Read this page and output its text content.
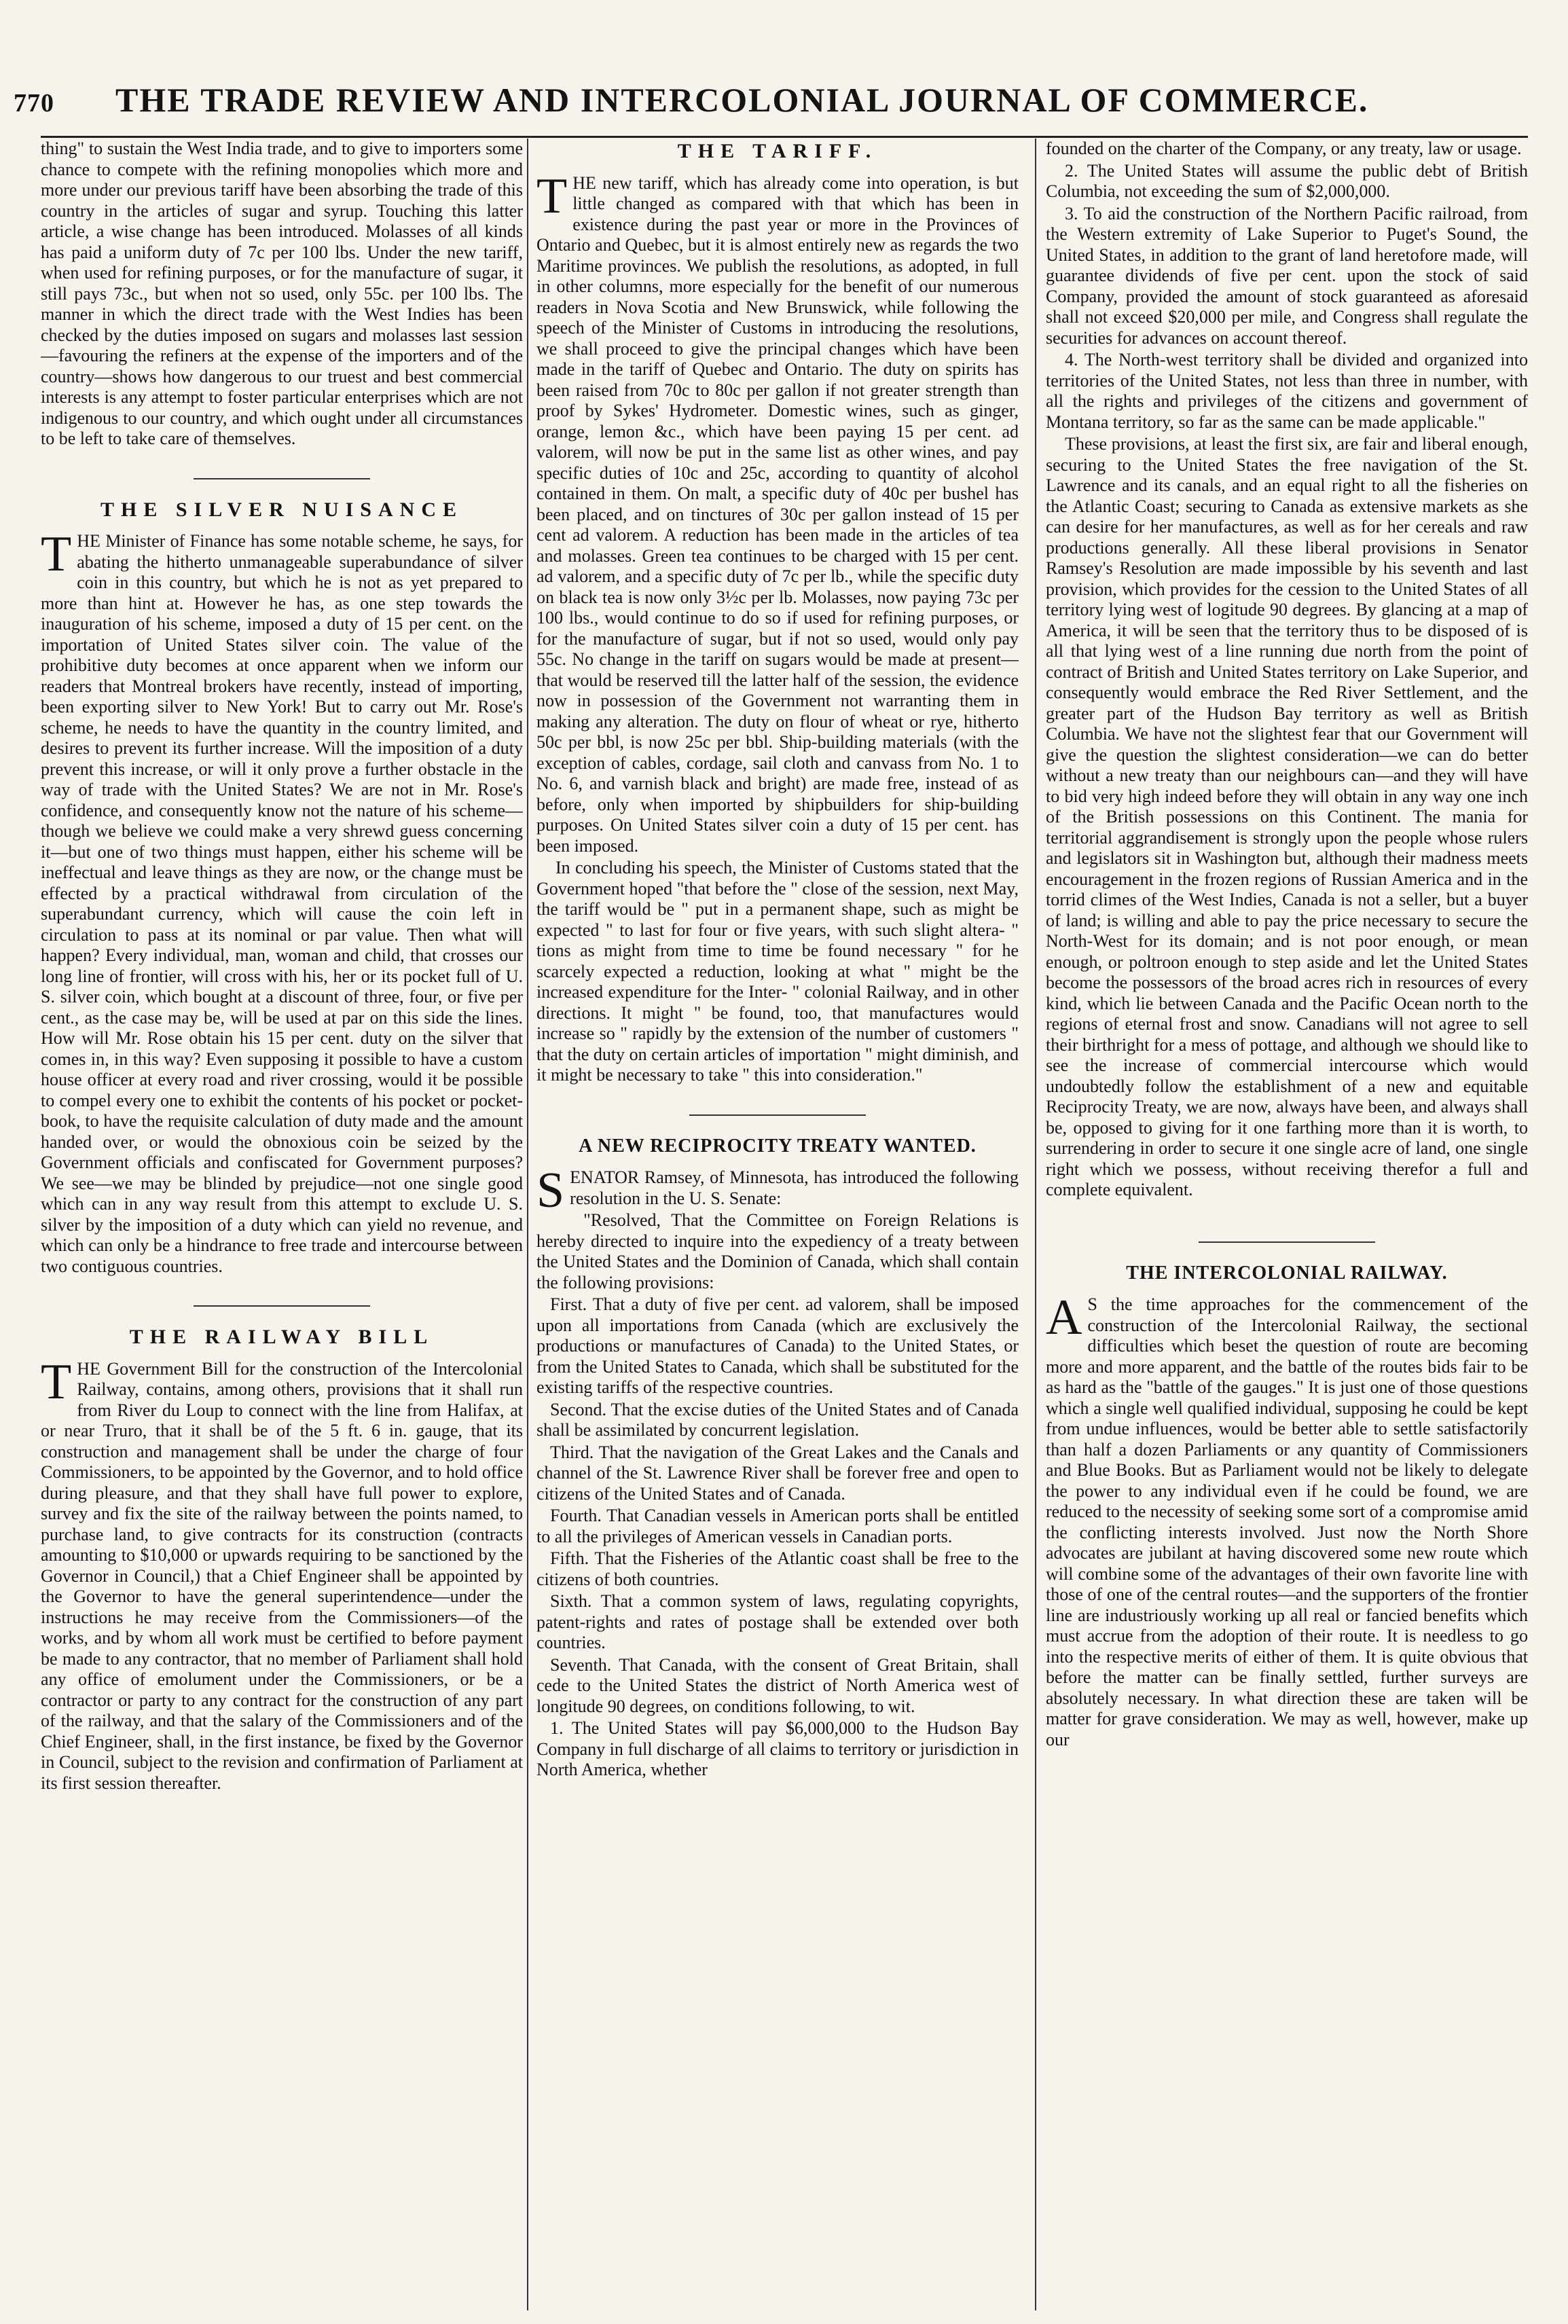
770	THE TRADE REVIEW AND INTERCOLONIAL JOURNAL OF COMMERCE.

thing" to sustain the West India trade, and to give to importers some chance to compete with the refining monopolies which more and more under our previous tariff have been absorbing the trade of this country in the articles of sugar and syrup. Touching this latter article, a wise change has been introduced. Molasses of all kinds has paid a uniform duty of 7c per 100 lbs. Under the new tariff, when used for refining purposes, or for the manufacture of sugar, it still pays 73c., but when not so used, only 55c. per 100 lbs. The manner in which the direct trade with the West Indies has been checked by the duties imposed on sugars and molasses last session—favouring the refiners at the expense of the importers and of the country—shows how dangerous to our truest and best commercial interests is any attempt to foster particular enterprises which are not indigenous to our country, and which ought under all circumstances to be left to take care of themselves.

THE SILVER NUISANCE

THE Minister of Finance has some notable scheme, he says, for abating the hitherto unmanageable superabundance of silver coin in this country, but which he is not as yet prepared to more than hint at. However he has, as one step towards the inauguration of his scheme, imposed a duty of 15 per cent. on the importation of United States silver coin. The value of the prohibitive duty becomes at once apparent when we inform our readers that Montreal brokers have recently, instead of importing, been exporting silver to New York! But to carry out Mr. Rose's scheme, he needs to have the quantity in the country limited, and desires to prevent its further increase. Will the imposition of a duty prevent this increase, or will it only prove a further obstacle in the way of trade with the United States? We are not in Mr. Rose's confidence, and consequently know not the nature of his scheme—though we believe we could make a very shrewd guess concerning it—but one of two things must happen, either his scheme will be ineffectual and leave things as they are now, or the change must be effected by a practical withdrawal from circulation of the superabundant currency, which will cause the coin left in circulation to pass at its nominal or par value. Then what will happen? Every individual, man, woman and child, that crosses our long line of frontier, will cross with his, her or its pocket full of U. S. silver coin, which bought at a discount of three, four, or five per cent., as the case may be, will be used at par on this side the lines. How will Mr. Rose obtain his 15 per cent. duty on the silver that comes in, in this way? Even supposing it possible to have a custom house officer at every road and river crossing, would it be possible to compel every one to exhibit the contents of his pocket or pocket-book, to have the requisite calculation of duty made and the amount handed over, or would the obnoxious coin be seized by the Government officials and confiscated for Government purposes? We see—we may be blinded by prejudice—not one single good which can in any way result from this attempt to exclude U. S. silver by the imposition of a duty which can yield no revenue, and which can only be a hindrance to free trade and intercourse between two contiguous countries.

THE RAILWAY BILL

THE Government Bill for the construction of the Intercolonial Railway, contains, among others, provisions that it shall run from River du Loup to connect with the line from Halifax, at or near Truro, that it shall be of the 5 ft. 6 in. gauge, that its construction and management shall be under the charge of four Commissioners, to be appointed by the Governor, and to hold office during pleasure, and that they shall have full power to explore, survey and fix the site of the railway between the points named, to purchase land, to give contracts for its construction (contracts amounting to $10,000 or upwards requiring to be sanctioned by the Governor in Council,) that a Chief Engineer shall be appointed by the Governor to have the general superintendence—under the instructions he may receive from the Commissioners—of the works, and by whom all work must be certified to before payment be made to any contractor, that no member of Parliament shall hold any office of emolument under the Commissioners, or be a contractor or party to any contract for the construction of any part of the railway, and that the salary of the Commissioners and of the Chief Engineer, shall, in the first instance, be fixed by the Governor in Council, subject to the revision and confirmation of Parliament at its first session thereafter.

THE TARIFF.

THE new tariff, which has already come into operation, is but little changed as compared with that which has been in existence during the past year or more in the Provinces of Ontario and Quebec, but it is almost entirely new as regards the two Maritime provinces. We publish the resolutions, as adopted, in full in other columns, more especially for the benefit of our numerous readers in Nova Scotia and New Brunswick, while following the speech of the Minister of Customs in introducing the resolutions, we shall proceed to give the principal changes which have been made in the tariff of Quebec and Ontario. The duty on spirits has been raised from 70c to 80c per gallon if not greater strength than proof by Sykes' Hydrometer. Domestic wines, such as ginger, orange, lemon &c., which have been paying 15 per cent. ad valorem, will now be put in the same list as other wines, and pay specific duties of 10c and 25c, according to quantity of alcohol contained in them. On malt, a specific duty of 40c per bushel has been placed, and on tinctures of 30c per gallon instead of 15 per cent ad valorem. A reduction has been made in the articles of tea and molasses. Green tea continues to be charged with 15 per cent. ad valorem, and a specific duty of 7c per lb., while the specific duty on black tea is now only 3½c per lb. Molasses, now paying 73c per 100 lbs., would continue to do so if used for refining purposes, or for the manufacture of sugar, but if not so used, would only pay 55c. No change in the tariff on sugars would be made at present—that would be reserved till the latter half of the session, the evidence now in possession of the Government not warranting them in making any alteration. The duty on flour of wheat or rye, hitherto 50c per bbl, is now 25c per bbl. Ship-building materials (with the exception of cables, cordage, sail cloth and canvass from No. 1 to No. 6, and varnish black and bright) are made free, instead of as before, only when imported by shipbuilders for ship-building purposes. On United States silver coin a duty of 15 per cent. has been imposed.

In concluding his speech, the Minister of Customs stated that the Government hoped "that before the " close of the session, next May, the tariff would be " put in a permanent shape, such as might be expected " to last for four or five years, with such slight altera- " tions as might from time to time be found necessary " for he scarcely expected a reduction, looking at what " might be the increased expenditure for the Inter- " colonial Railway, and in other directions. It might " be found, too, that manufactures would increase so " rapidly by the extension of the number of customers " that the duty on certain articles of importation " might diminish, and it might be necessary to take " this into consideration."

A NEW RECIPROCITY TREATY WANTED.

SENATOR Ramsey, of Minnesota, has introduced the following resolution in the U. S. Senate:

"Resolved, That the Committee on Foreign Relations is hereby directed to inquire into the expediency of a treaty between the United States and the Dominion of Canada, which shall contain the following provisions:

First. That a duty of five per cent. ad valorem, shall be imposed upon all importations from Canada (which are exclusively the productions or manufactures of Canada) to the United States, or from the United States to Canada, which shall be substituted for the existing tariffs of the respective countries.

Second. That the excise duties of the United States and of Canada shall be assimilated by concurrent legislation.

Third. That the navigation of the Great Lakes and the Canals and channel of the St. Lawrence River shall be forever free and open to citizens of the United States and of Canada.

Fourth. That Canadian vessels in American ports shall be entitled to all the privileges of American vessels in Canadian ports.

Fifth. That the Fisheries of the Atlantic coast shall be free to the citizens of both countries.

Sixth. That a common system of laws, regulating copyrights, patent-rights and rates of postage shall be extended over both countries.

Seventh. That Canada, with the consent of Great Britain, shall cede to the United States the district of North America west of longitude 90 degrees, on conditions following, to wit.

1. The United States will pay $6,000,000 to the Hudson Bay Company in full discharge of all claims to territory or jurisdiction in North America, whether

founded on the charter of the Company, or any treaty, law or usage.

2. The United States will assume the public debt of British Columbia, not exceeding the sum of $2,000,000.

3. To aid the construction of the Northern Pacific railroad, from the Western extremity of Lake Superior to Puget's Sound, the United States, in addition to the grant of land heretofore made, will guarantee dividends of five per cent. upon the stock of said Company, provided the amount of stock guaranteed as aforesaid shall not exceed $20,000 per mile, and Congress shall regulate the securities for advances on account thereof.

4. The North-west territory shall be divided and organized into territories of the United States, not less than three in number, with all the rights and privileges of the citizens and government of Montana territory, so far as the same can be made applicable."

These provisions, at least the first six, are fair and liberal enough, securing to the United States the free navigation of the St. Lawrence and its canals, and an equal right to all the fisheries on the Atlantic Coast; securing to Canada as extensive markets as she can desire for her manufactures, as well as for her cereals and raw productions generally. All these liberal provisions in Senator Ramsey's Resolution are made impossible by his seventh and last provision, which provides for the cession to the United States of all territory lying west of logitude 90 degrees. By glancing at a map of America, it will be seen that the territory thus to be disposed of is all that lying west of a line running due north from the point of contract of British and United States territory on Lake Superior, and consequently would embrace the Red River Settlement, and the greater part of the Hudson Bay territory as well as British Columbia. We have not the slightest fear that our Government will give the question the slightest consideration—we can do better without a new treaty than our neighbours can—and they will have to bid very high indeed before they will obtain in any way one inch of the British possessions on this Continent. The mania for territorial aggrandisement is strongly upon the people whose rulers and legislators sit in Washington but, although their madness meets encouragement in the frozen regions of Russian America and in the torrid climes of the West Indies, Canada is not a seller, but a buyer of land; is willing and able to pay the price necessary to secure the North-West for its domain; and is not poor enough, or mean enough, or poltroon enough to step aside and let the United States become the possessors of the broad acres rich in resources of every kind, which lie between Canada and the Pacific Ocean north to the regions of eternal frost and snow. Canadians will not agree to sell their birthright for a mess of pottage, and although we should like to see the increase of commercial intercourse which would undoubtedly follow the establishment of a new and equitable Reciprocity Treaty, we are now, always have been, and always shall be, opposed to giving for it one farthing more than it is worth, to surrendering in order to secure it one single acre of land, one single right which we possess, without receiving therefor a full and complete equivalent.

THE INTERCOLONIAL RAILWAY.

AS the time approaches for the commencement of the construction of the Intercolonial Railway, the sectional difficulties which beset the question of route are becoming more and more apparent, and the battle of the routes bids fair to be as hard as the "battle of the gauges." It is just one of those questions which a single well qualified individual, supposing he could be kept from undue influences, would be better able to settle satisfactorily than half a dozen Parliaments or any quantity of Commissioners and Blue Books. But as Parliament would not be likely to delegate the power to any individual even if he could be found, we are reduced to the necessity of seeking some sort of a compromise amid the conflicting interests involved. Just now the North Shore advocates are jubilant at having discovered some new route which will combine some of the advantages of their own favorite line with those of one of the central routes—and the supporters of the frontier line are industriously working up all real or fancied benefits which must accrue from the adoption of their route. It is needless to go into the respective merits of either of them. It is quite obvious that before the matter can be finally settled, further surveys are absolutely necessary. In what direction these are taken will be matter for grave consideration. We may as well, however, make up our
